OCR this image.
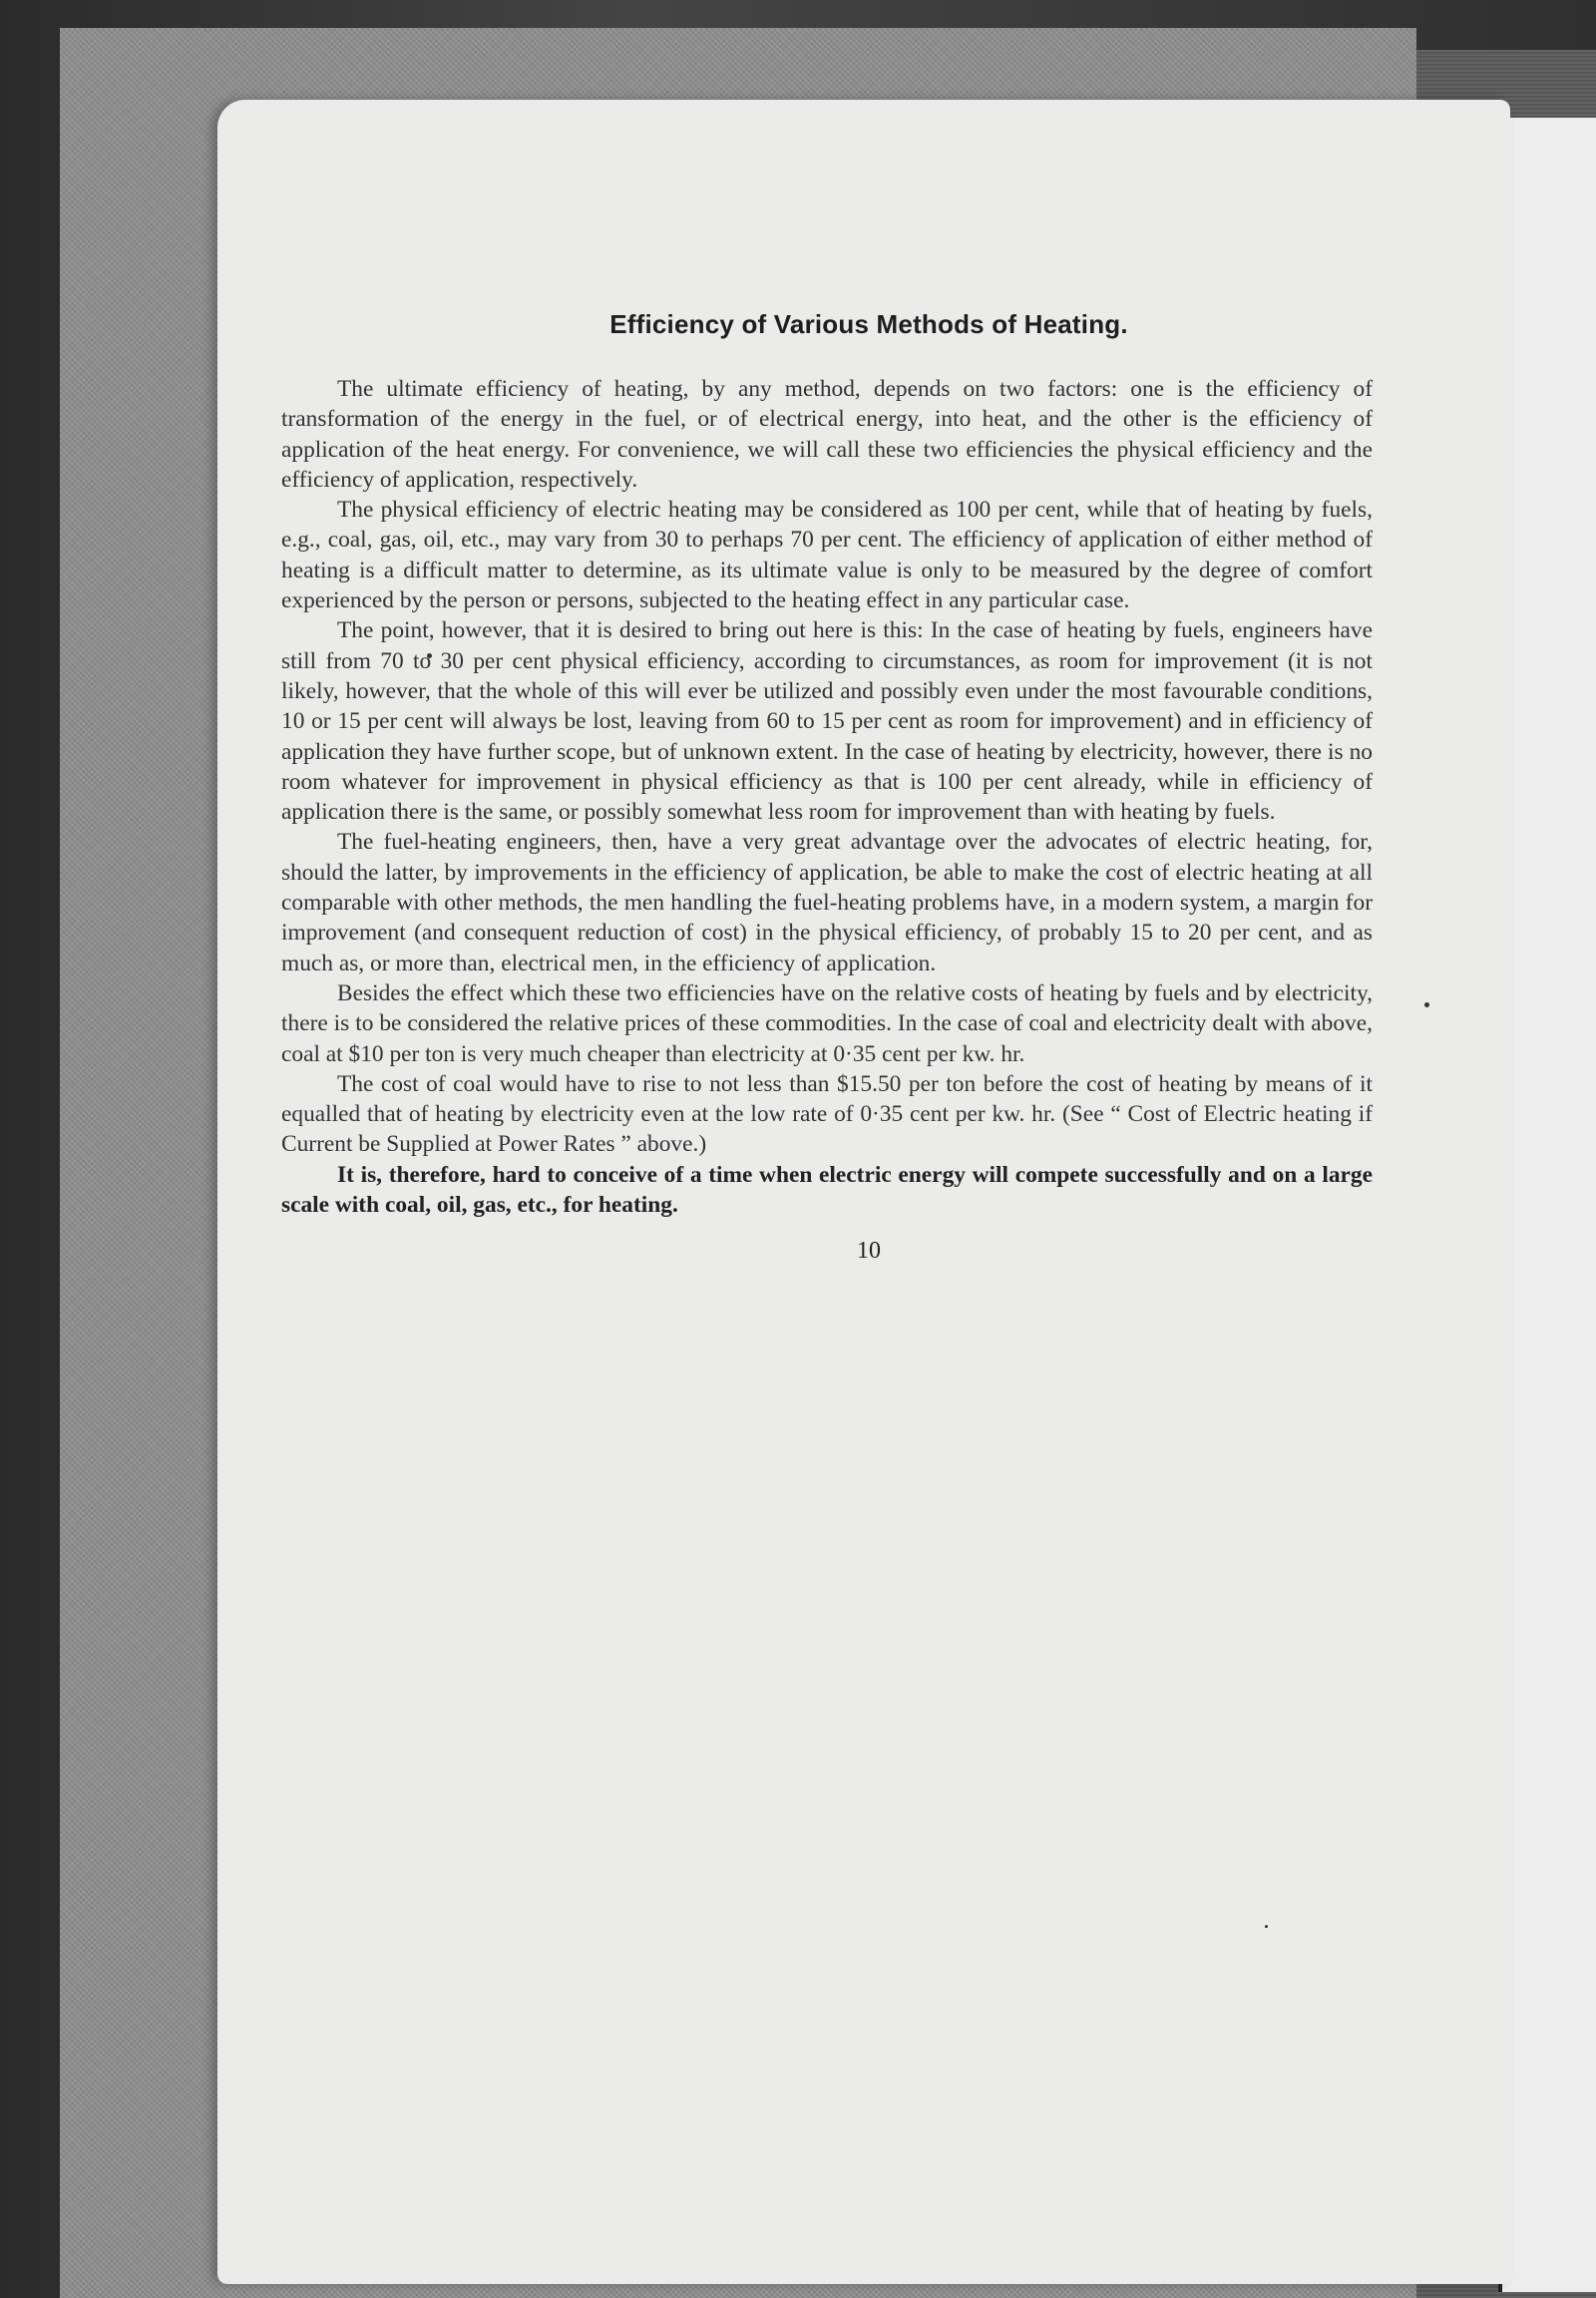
Efficiency of Various Methods of Heating.

The ultimate efficiency of heating, by any method, depends on two factors: one is the efficiency of transformation of the energy in the fuel, or of electrical energy, into heat, and the other is the efficiency of application of the heat energy. For convenience, we will call these two efficiencies the physical efficiency and the efficiency of application, respectively.

The physical efficiency of electric heating may be considered as 100 per cent, while that of heating by fuels, e.g., coal, gas, oil, etc., may vary from 30 to perhaps 70 per cent. The efficiency of application of either method of heating is a difficult matter to determine, as its ultimate value is only to be measured by the degree of comfort experienced by the person or persons, subjected to the heating effect in any particular case.

The point, however, that it is desired to bring out here is this: In the case of heating by fuels, engineers have still from 70 to 30 per cent physical efficiency, according to circumstances, as room for improvement (it is not likely, however, that the whole of this will ever be utilized and possibly even under the most favourable conditions, 10 or 15 per cent will always be lost, leaving from 60 to 15 per cent as room for improvement) and in efficiency of application they have further scope, but of unknown extent. In the case of heating by electricity, however, there is no room whatever for improvement in physical efficiency as that is 100 per cent already, while in efficiency of application there is the same, or possibly somewhat less room for improvement than with heating by fuels.

The fuel-heating engineers, then, have a very great advantage over the advocates of electric heating, for, should the latter, by improvements in the efficiency of application, be able to make the cost of electric heating at all comparable with other methods, the men handling the fuel-heating problems have, in a modern system, a margin for improvement (and consequent reduction of cost) in the physical efficiency, of probably 15 to 20 per cent, and as much as, or more than, electrical men, in the efficiency of application.

Besides the effect which these two efficiencies have on the relative costs of heating by fuels and by electricity, there is to be considered the relative prices of these commodities. In the case of coal and electricity dealt with above, coal at $10 per ton is very much cheaper than electricity at 0·35 cent per kw. hr.

The cost of coal would have to rise to not less than $15.50 per ton before the cost of heating by means of it equalled that of heating by electricity even at the low rate of 0·35 cent per kw. hr. (See “ Cost of Electric heating if Current be Supplied at Power Rates ” above.)

It is, therefore, hard to conceive of a time when electric energy will compete successfully and on a large scale with coal, oil, gas, etc., for heating.

10
